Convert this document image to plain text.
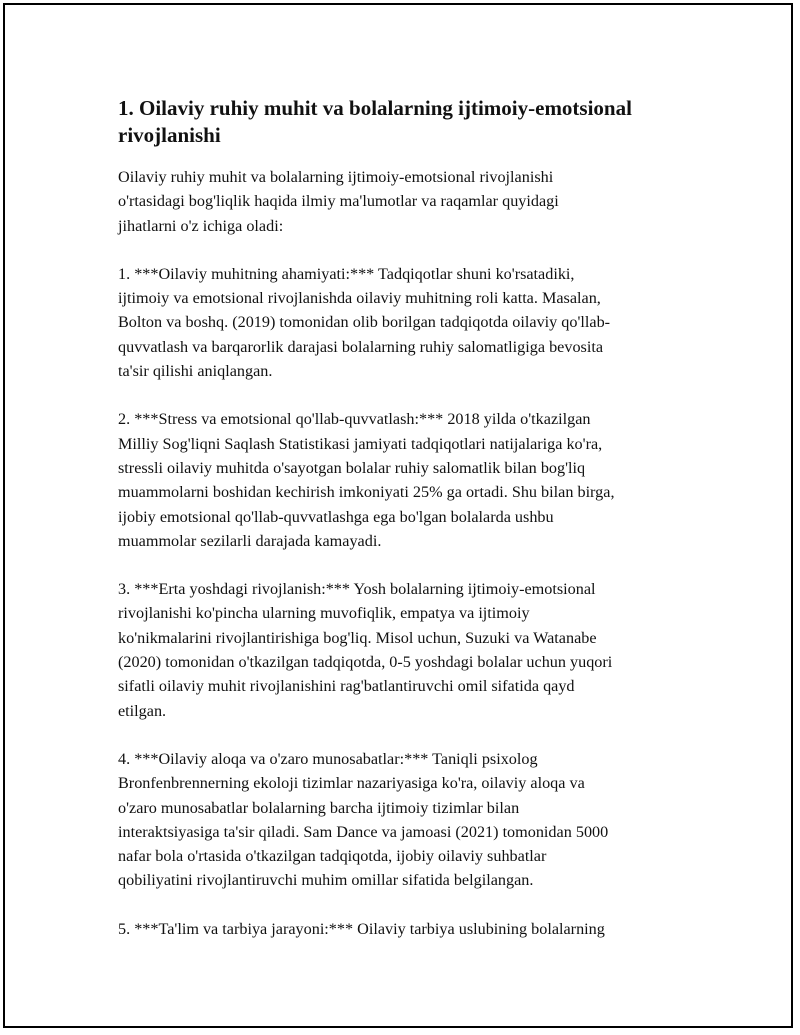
1. Oilaviy ruhiy muhit va bolalarning ijtimoiy-emotsional
rivojlanishi

Oilaviy ruhiy muhit va bolalarning ijtimoiy-emotsional rivojlanishi
o'rtasidagi bog'liqlik haqida ilmiy ma'lumotlar va raqamlar quyidagi
jihatlarni o'z ichiga oladi:

1. ***Oilaviy muhitning ahamiyati:*** Tadqiqotlar shuni ko'rsatadiki,
ijtimoiy va emotsional rivojlanishda oilaviy muhitning roli katta. Masalan,
Bolton va boshq. (2019) tomonidan olib borilgan tadqiqotda oilaviy qo'llab-
quvvatlash va barqarorlik darajasi bolalarning ruhiy salomatligiga bevosita
ta'sir qilishi aniqlangan.

2. ***Stress va emotsional qo'llab-quvvatlash:*** 2018 yilda o'tkazilgan
Milliy Sog'liqni Saqlash Statistikasi jamiyati tadqiqotlari natijalariga ko'ra,
stressli oilaviy muhitda o'sayotgan bolalar ruhiy salomatlik bilan bog'liq
muammolarni boshidan kechirish imkoniyati 25% ga ortadi. Shu bilan birga,
ijobiy emotsional qo'llab-quvvatlashga ega bo'lgan bolalarda ushbu
muammolar sezilarli darajada kamayadi.

3. ***Erta yoshdagi rivojlanish:*** Yosh bolalarning ijtimoiy-emotsional
rivojlanishi ko'pincha ularning muvofiqlik, empatya va ijtimoiy
ko'nikmalarini rivojlantirishiga bog'liq. Misol uchun, Suzuki va Watanabe
(2020) tomonidan o'tkazilgan tadqiqotda, 0-5 yoshdagi bolalar uchun yuqori
sifatli oilaviy muhit rivojlanishini rag'batlantiruvchi omil sifatida qayd
etilgan.

4. ***Oilaviy aloqa va o'zaro munosabatlar:*** Taniqli psixolog
Bronfenbrennerning ekoloji tizimlar nazariyasiga ko'ra, oilaviy aloqa va
o'zaro munosabatlar bolalarning barcha ijtimoiy tizimlar bilan
interaktsiyasiga ta'sir qiladi. Sam Dance va jamoasi (2021) tomonidan 5000
nafar bola o'rtasida o'tkazilgan tadqiqotda, ijobiy oilaviy suhbatlar
qobiliyatini rivojlantiruvchi muhim omillar sifatida belgilangan.

5. ***Ta'lim va tarbiya jarayoni:*** Oilaviy tarbiya uslubining bolalarning
